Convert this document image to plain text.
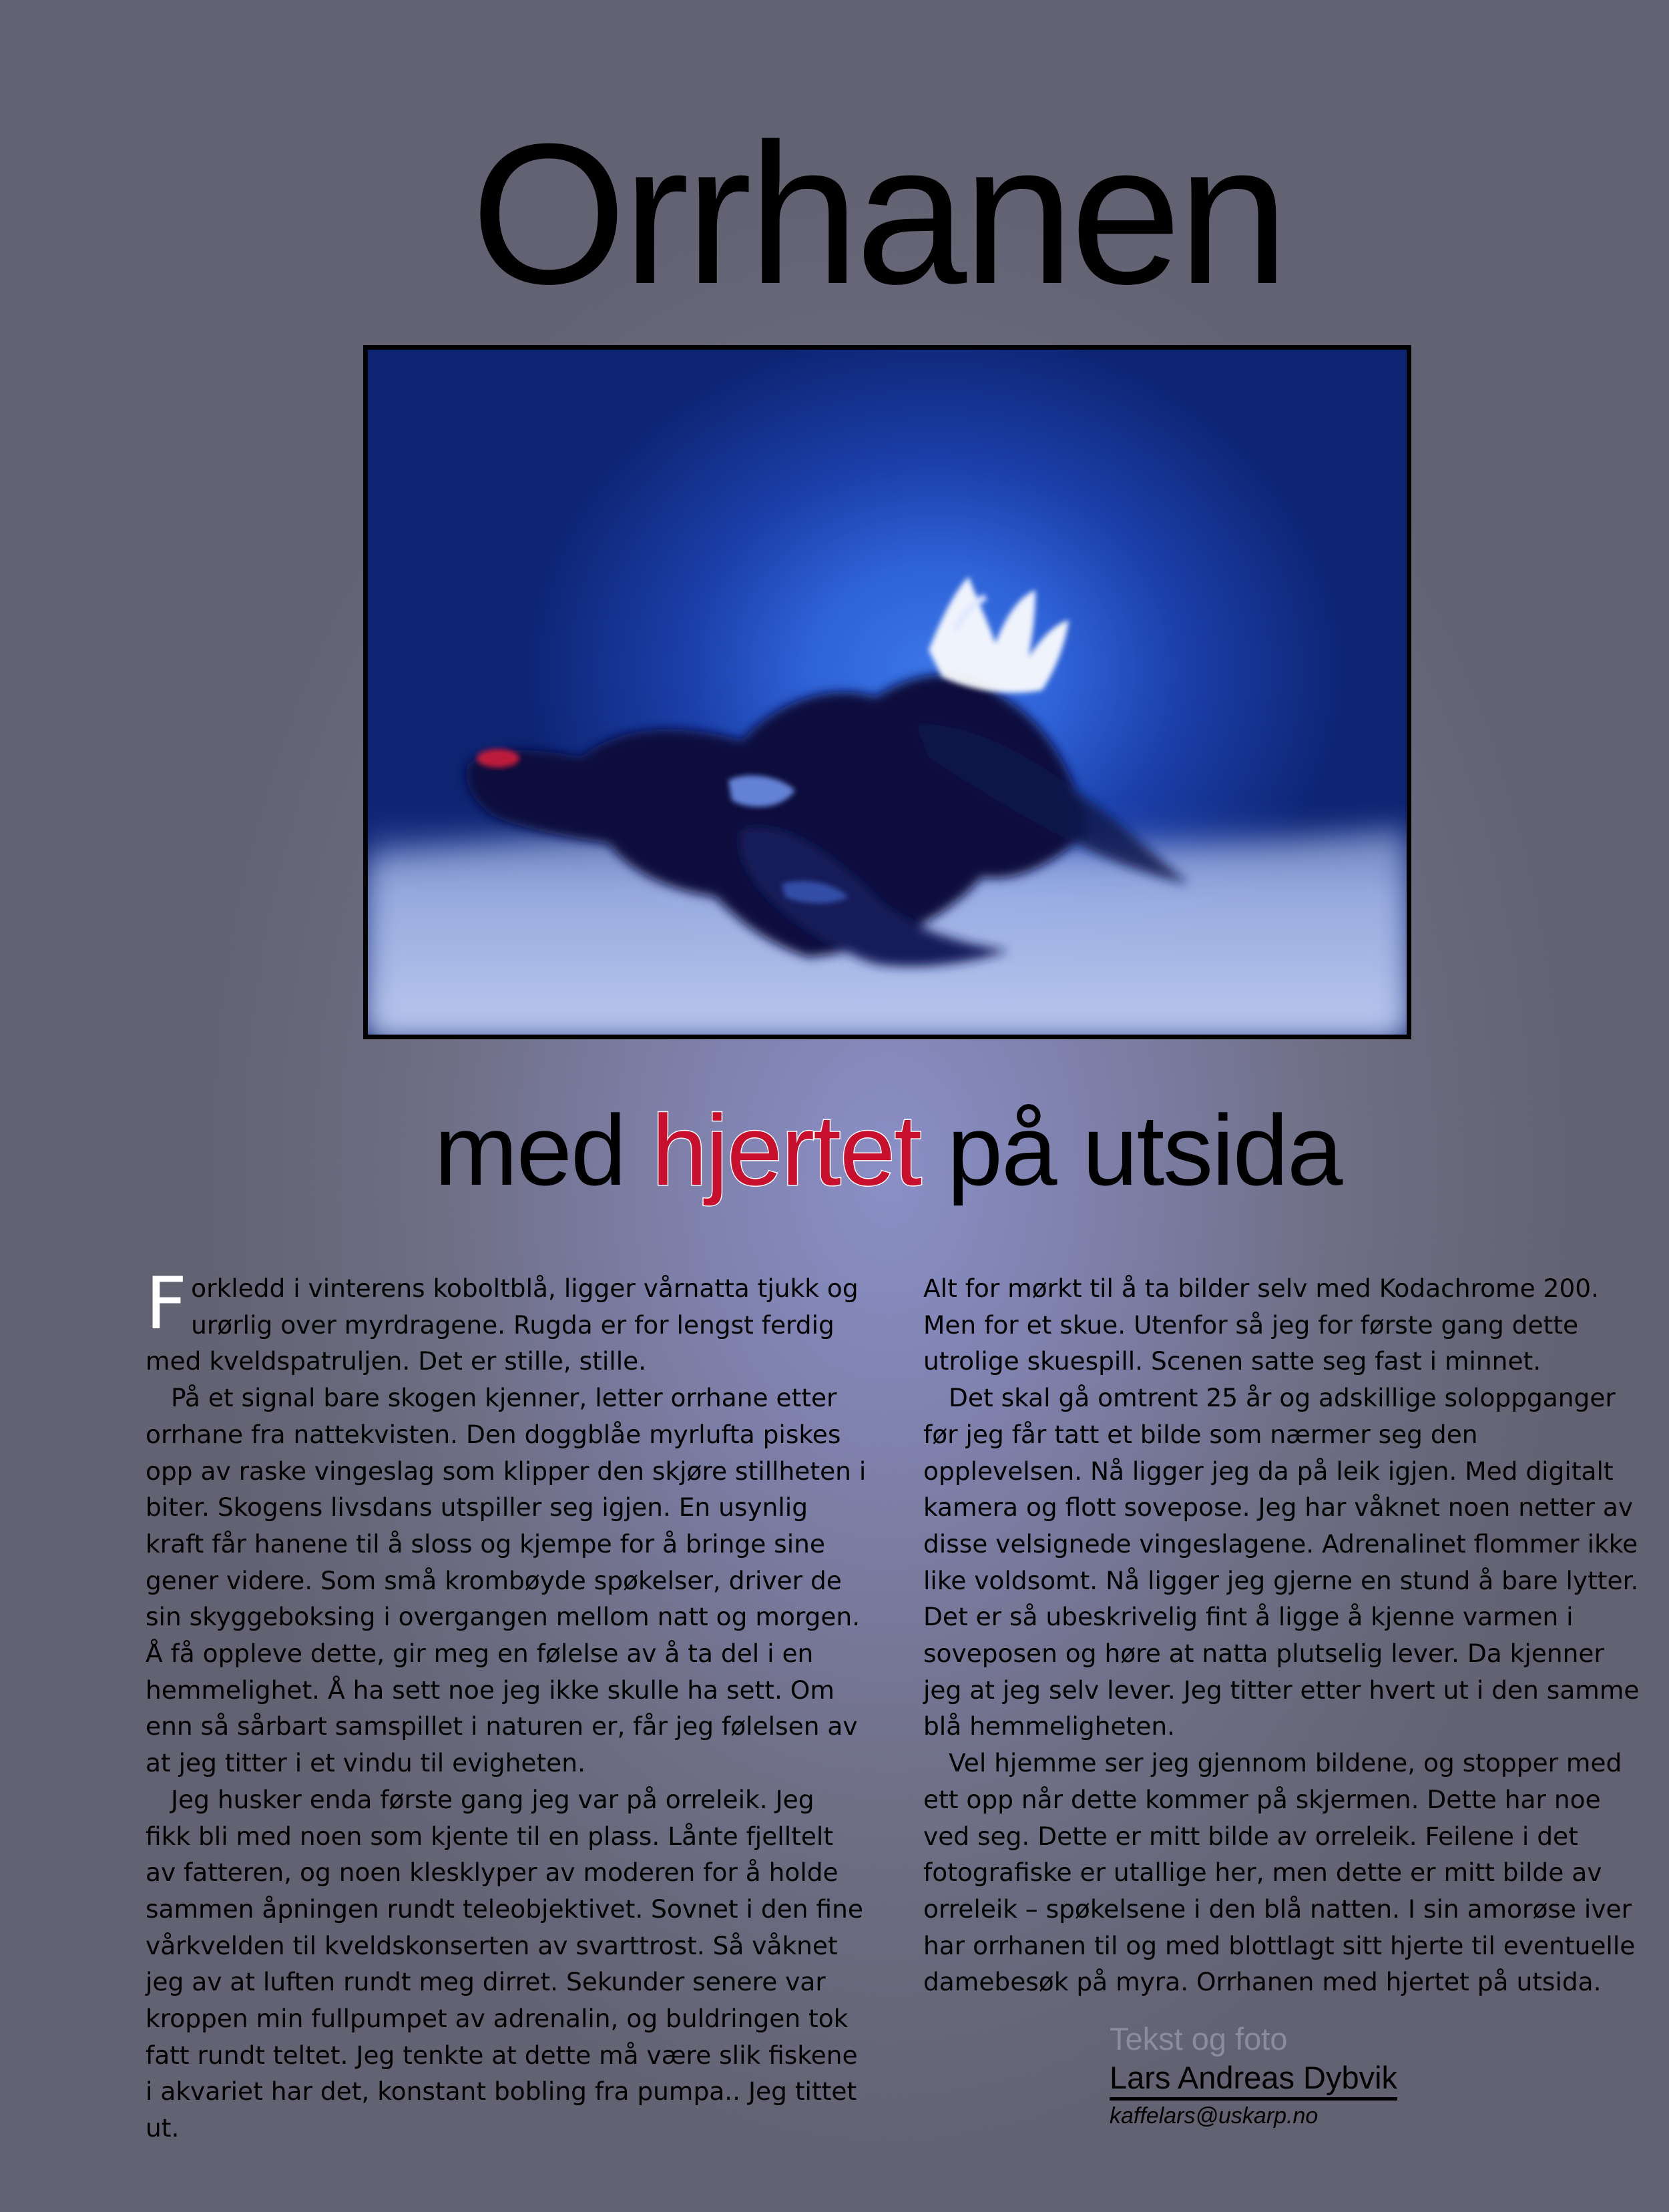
Orrhanen
med hjertet på utsida

Forkledd i vinterens koboltblå, ligger vårnatta tjukk og urørlig over myrdragene. Rugda er for lengst ferdig med kveldspatruljen. Det er stille, stille.

På et signal bare skogen kjenner, letter orrhane etter orrhane fra nattekvisten. Den doggblåe myrlufta piskes opp av raske vingeslag som klipper den skjøre stillheten i biter. Skogens livsdans utspiller seg igjen. En usynlig kraft får hanene til å sloss og kjempe for å bringe sine gener videre. Som små krombøyde spøkelser, driver de sin skyggeboksing i overgangen mellom natt og morgen. Å få oppleve dette, gir meg en følelse av å ta del i en hemmelighet. Å ha sett noe jeg ikke skulle ha sett. Om enn så sårbart samspillet i naturen er, får jeg følelsen av at jeg titter i et vindu til evigheten.

Jeg husker enda første gang jeg var på orreleik. Jeg fikk bli med noen som kjente til en plass. Lånte fjelltelt av fatteren, og noen klesklyper av moderen for å holde sammen åpningen rundt teleobjektivet. Sovnet i den fine vårkvelden til kveldskonserten av svarttrost. Så våknet jeg av at luften rundt meg dirret. Sekunder senere var kroppen min fullpumpet av adrenalin, og buldringen tok fatt rundt teltet. Jeg tenkte at dette må være slik fiskene i akvariet har det, konstant bobling fra pumpa.. Jeg tittet ut.

Alt for mørkt til å ta bilder selv med Kodachrome 200. Men for et skue. Utenfor så jeg for første gang dette utrolige skuespill. Scenen satte seg fast i minnet.

Det skal gå omtrent 25 år og adskillige soloppganger før jeg får tatt et bilde som nærmer seg den opplevelsen. Nå ligger jeg da på leik igjen. Med digitalt kamera og flott sovepose. Jeg har våknet noen netter av disse velsignede vingeslagene. Adrenalinet flommer ikke like voldsomt. Nå ligger jeg gjerne en stund å bare lytter. Det er så ubeskrivelig fint å ligge å kjenne varmen i soveposen og høre at natta plutselig lever. Da kjenner jeg at jeg selv lever. Jeg titter etter hvert ut i den samme blå hemmeligheten.

Vel hjemme ser jeg gjennom bildene, og stopper med ett opp når dette kommer på skjermen. Dette har noe ved seg. Dette er mitt bilde av orreleik. Feilene i det fotografiske er utallige her, men dette er mitt bilde av orreleik – spøkelsene i den blå natten. I sin amorøse iver har orrhanen til og med blottlagt sitt hjerte til eventuelle damebesøk på myra. Orrhanen med hjertet på utsida.

Tekst og foto
Lars Andreas Dybvik
kaffelars@uskarp.no
